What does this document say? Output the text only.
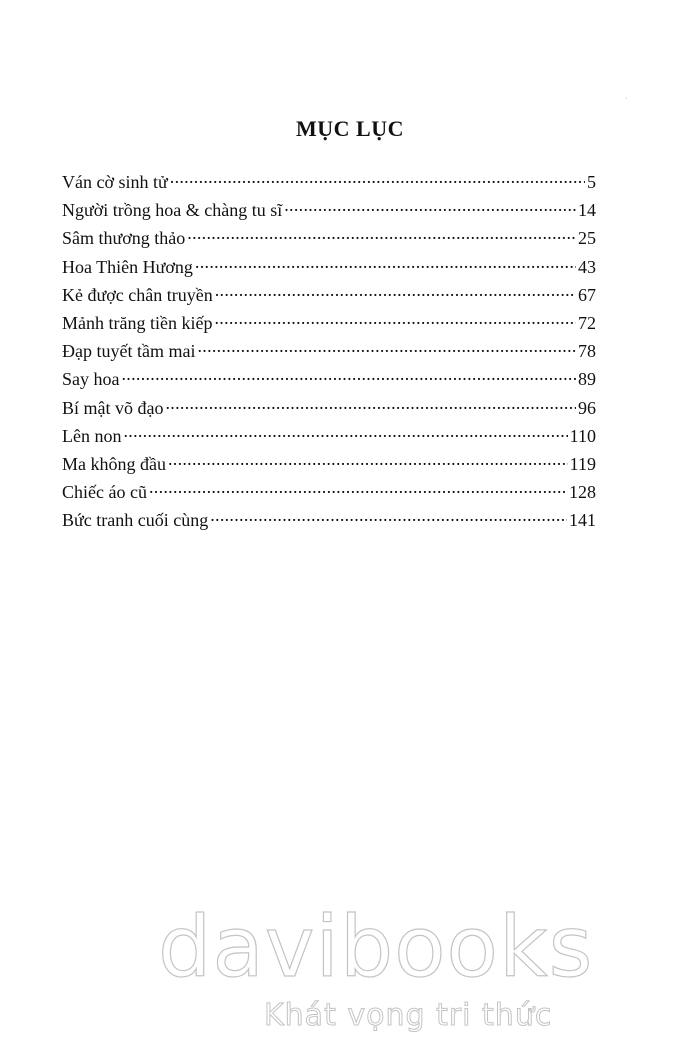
·
MỤC LỤC
Ván cờ sinh tử .....	5
Người trồng hoa & chàng tu sĩ .....	14
Sâm thương thảo .....	25
Hoa Thiên Hương .....	43
Kẻ được chân truyền .....	67
Mảnh trăng tiền kiếp .....	72
Đạp tuyết tầm mai .....	78
Say hoa .....	89
Bí mật võ đạo .....	96
Lên non .....	110
Ma không đầu .....	119
Chiếc áo cũ .....	128
Bức tranh cuối cùng .....	141
davibooks
Khát vọng tri thức
